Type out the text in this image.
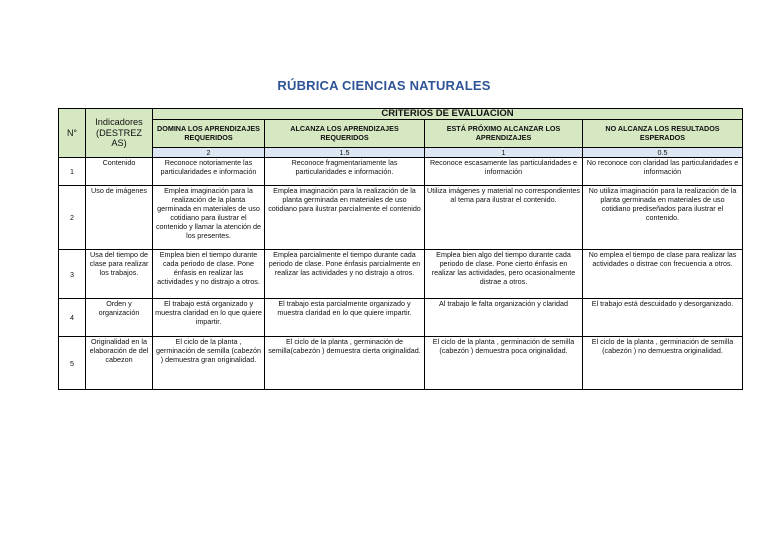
RÚBRICA CIENCIAS NATURALES
N°	Indicadores (DESTREZ AS)	CRITERIOS DE EVALUACION			
		DOMINA LOS APRENDIZAJES REQUERIDOS	ALCANZA LOS APRENDIZAJES REQUERIDOS	ESTÁ PRÓXIMO ALCANZAR LOS APRENDIZAJES	NO ALCANZA LOS RESULTADOS ESPERADOS
		2	1.5	1	0.5
1	Contenido	Reconoce notoriamente las particularidades e información	Reconoce fragmentariamente las particularidades e información.	Reconoce escasamente las particularidades e información	No reconoce con claridad las particularidades e información
2	Uso de imágenes	Emplea imaginación para la realización de la planta germinada en materiales de uso cotidiano para ilustrar el contenido y llamar la atención de los presentes.	Emplea imaginación para la realización de la planta germinada en materiales de uso cotidiano para ilustrar parcialmente el contenido	Utiliza imágenes y material no correspondientes al tema para ilustrar el contenido.	No utiliza imaginación para la realización de la planta germinada en materiales de uso cotidiano prediseñados para ilustrar el contenido.
3	Usa del tiempo de clase para realizar los trabajos.	Emplea bien el tiempo durante cada periodo de clase. Pone énfasis en realizar las actividades y no distrajo a otros.	Emplea parcialmente el tiempo durante cada periodo de clase. Pone énfasis parcialmente en realizar las actividades y no distrajo a otros.	Emplea bien algo del tiempo durante cada periodo de clase. Pone cierto énfasis en realizar las actividades, pero ocasionalmente distrae a otros.	No emplea el tiempo de clase para realizar las actividades o distrae con frecuencia a otros.
4	Orden y organización	El trabajo está organizado y muestra claridad en lo que quiere impartir.	El trabajo esta parcialmente organizado y muestra claridad en lo que quiere impartir.	Al trabajo le falta organización y claridad	El trabajo está descuidado y desorganizado.
5	Originalidad en la elaboración de del cabezon	El ciclo de la planta , germinación de semilla (cabezón ) demuestra gran originalidad.	El ciclo de la planta , germinación de semilla(cabezón ) demuestra cierta originalidad.	El ciclo de la planta , germinación de semilla (cabezón ) demuestra poca originalidad.	El ciclo de la planta , germinación de semilla (cabezón ) no demuestra originalidad.
